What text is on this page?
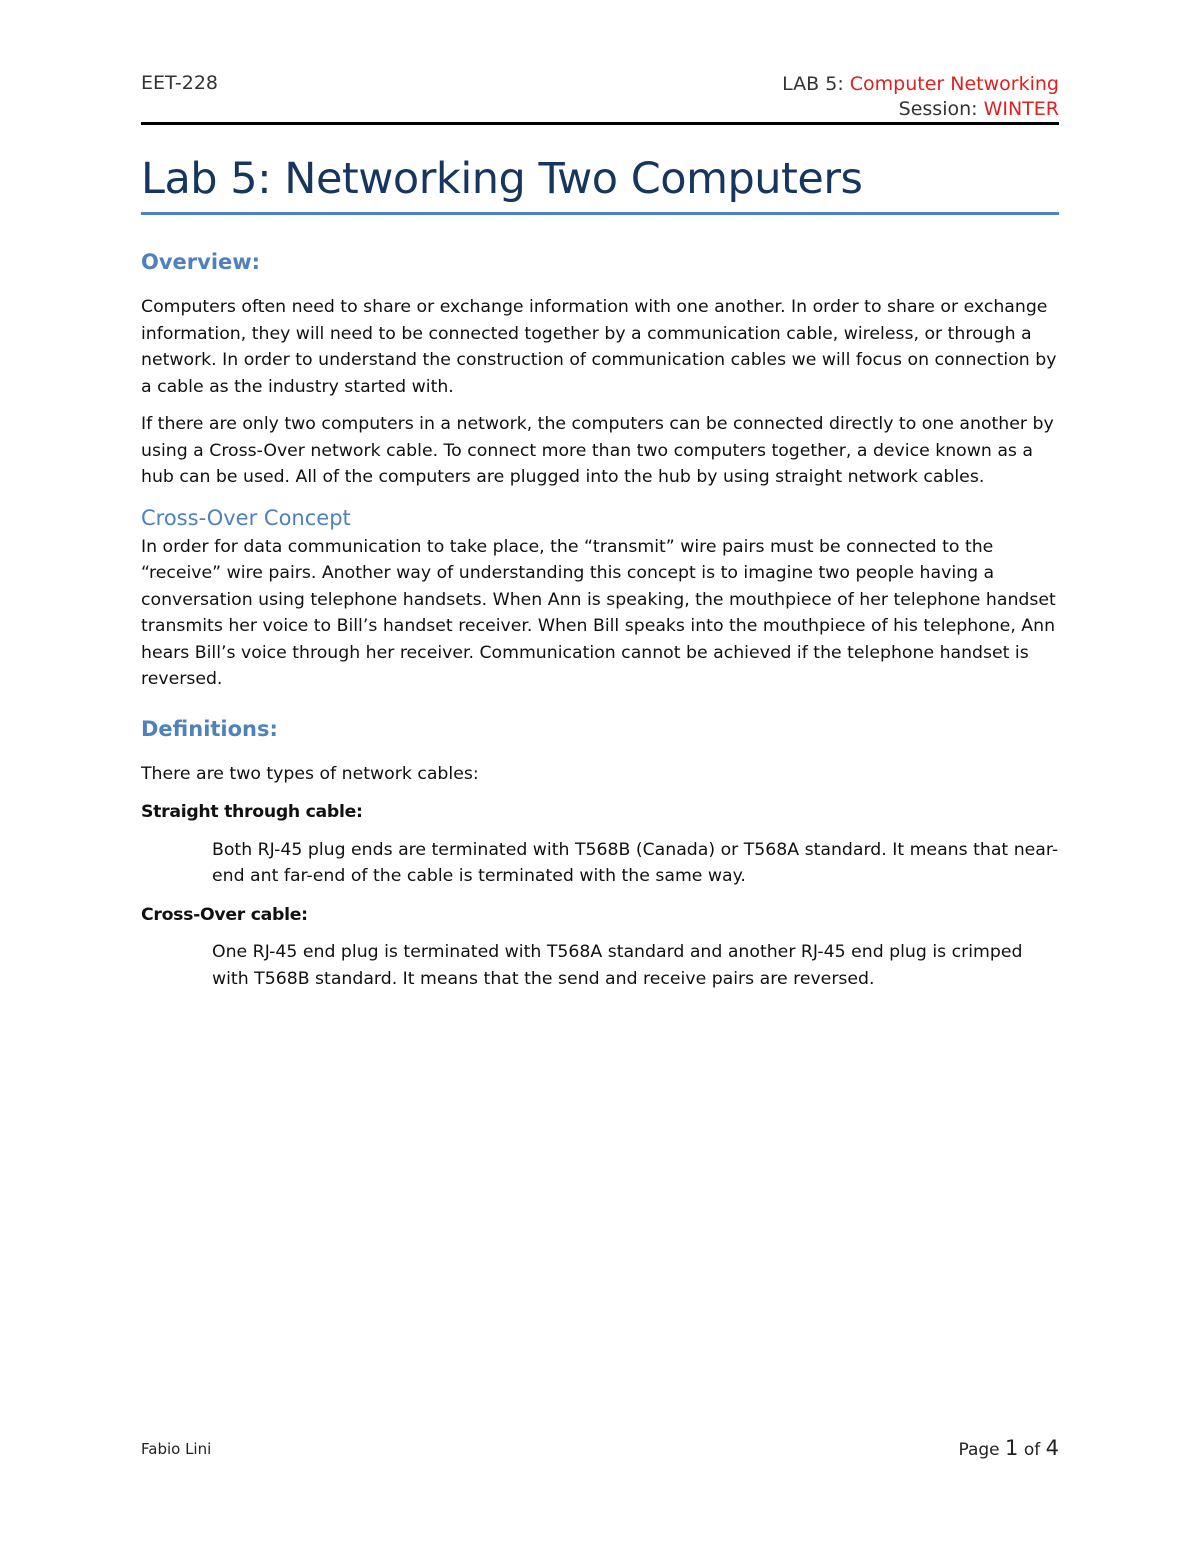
EET-228	LAB 5: Computer Networking
Session: WINTER
Lab 5: Networking Two Computers
Overview:

Computers often need to share or exchange information with one another. In order to share or exchange information, they will need to be connected together by a communication cable, wireless, or through a network. In order to understand the construction of communication cables we will focus on connection by a cable as the industry started with.

If there are only two computers in a network, the computers can be connected directly to one another by using a Cross-Over network cable. To connect more than two computers together, a device known as a hub can be used. All of the computers are plugged into the hub by using straight network cables.

Cross-Over Concept

In order for data communication to take place, the “transmit” wire pairs must be connected to the “receive” wire pairs. Another way of understanding this concept is to imagine two people having a conversation using telephone handsets. When Ann is speaking, the mouthpiece of her telephone handset transmits her voice to Bill’s handset receiver. When Bill speaks into the mouthpiece of his telephone, Ann hears Bill’s voice through her receiver. Communication cannot be achieved if the telephone handset is reversed.

Definitions:

There are two types of network cables:

Straight through cable:

Both RJ-45 plug ends are terminated with T568B (Canada) or T568A standard. It means that near-end ant far-end of the cable is terminated with the same way.

Cross-Over cable:

One RJ-45 end plug is terminated with T568A standard and another RJ-45 end plug is crimped with T568B standard. It means that the send and receive pairs are reversed.

Fabio Lini	Page 1 of 4
